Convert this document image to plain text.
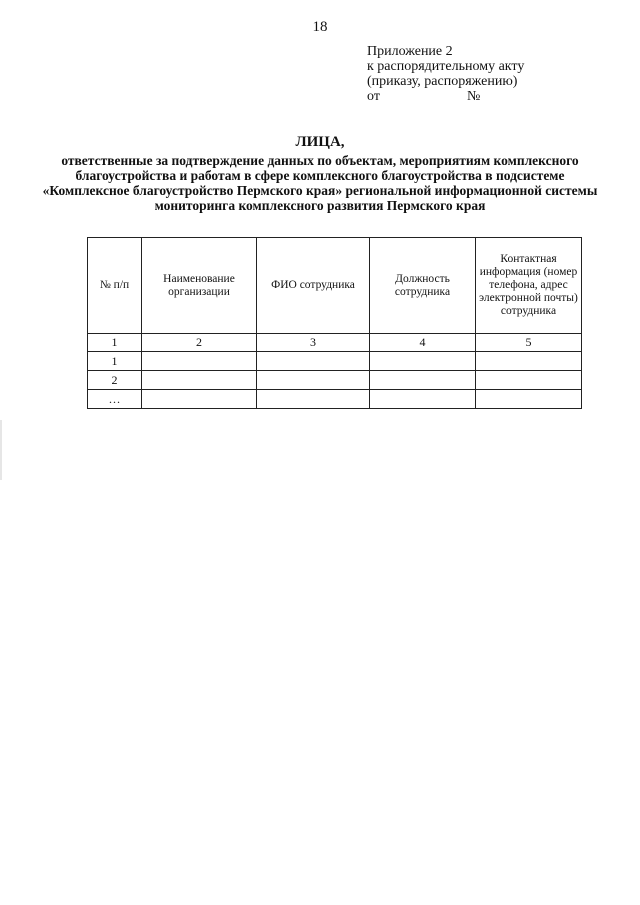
18
Приложение 2
к распорядительному акту
(приказу, распоряжению)
от	№
ЛИЦА,
ответственные за подтверждение данных по объектам, мероприятиям комплексного благоустройства и работам в сфере комплексного благоустройства в подсистеме «Комплексное благоустройство Пермского края» региональной информационной системы мониторинга комплексного развития Пермского края
№ п/п	Наименование организации	ФИО сотрудника	Должность сотрудника	Контактная информация (номер телефона, адрес электронной почты) сотрудника
1	2	3	4	5
1				
2				
…				
